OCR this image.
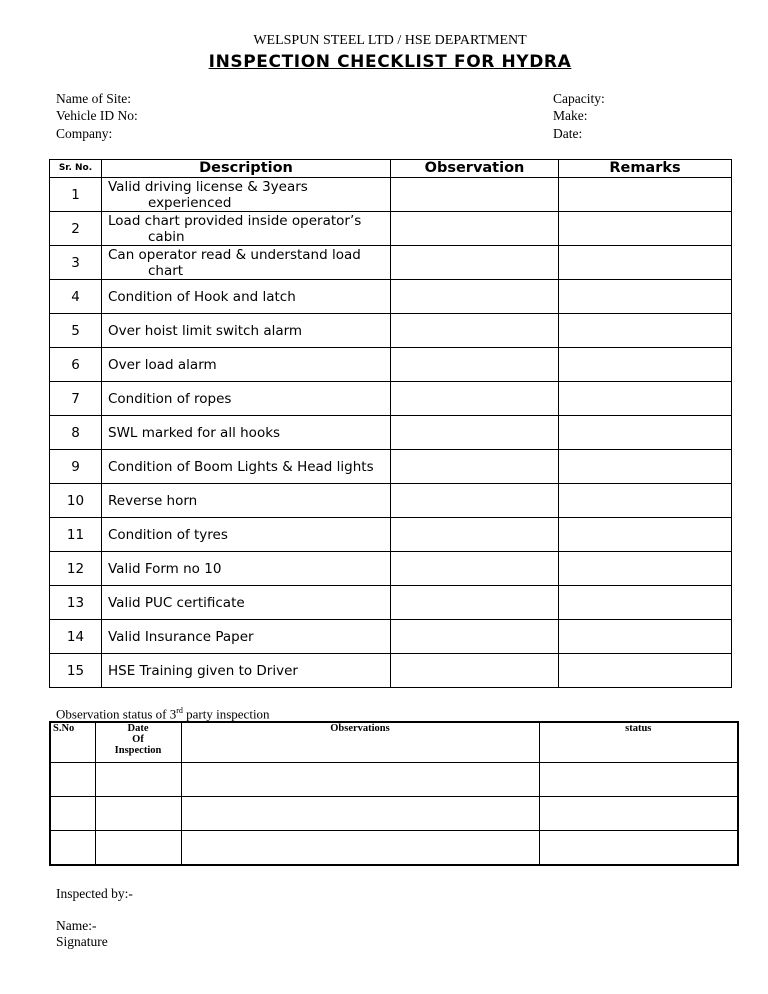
WELSPUN STEEL LTD / HSE DEPARTMENT
INSPECTION CHECKLIST FOR HYDRA
Name of Site:
Vehicle ID No:
Company:
Capacity:
Make:
Date:
Sr. No.	Description	Observation	Remarks
1	Valid driving license & 3years
experienced		

2	Load chart provided inside operator’s
cabin		

3	Can operator read & understand load
chart		

4	Condition of Hook and latch		
5	Over hoist limit switch alarm		
6	Over load alarm		
7	Condition of ropes		
8	SWL marked for all hooks		
9	Condition of Boom Lights & Head lights		
10	Reverse horn		
11	Condition of tyres		
12	Valid Form no 10		
13	Valid PUC certificate		
14	Valid Insurance Paper		
15	HSE Training given to Driver		
Observation status of 3rd party inspection
S.No	Date
Of
Inspection	Observations	status

Inspected by:-
Name:-
Signature
